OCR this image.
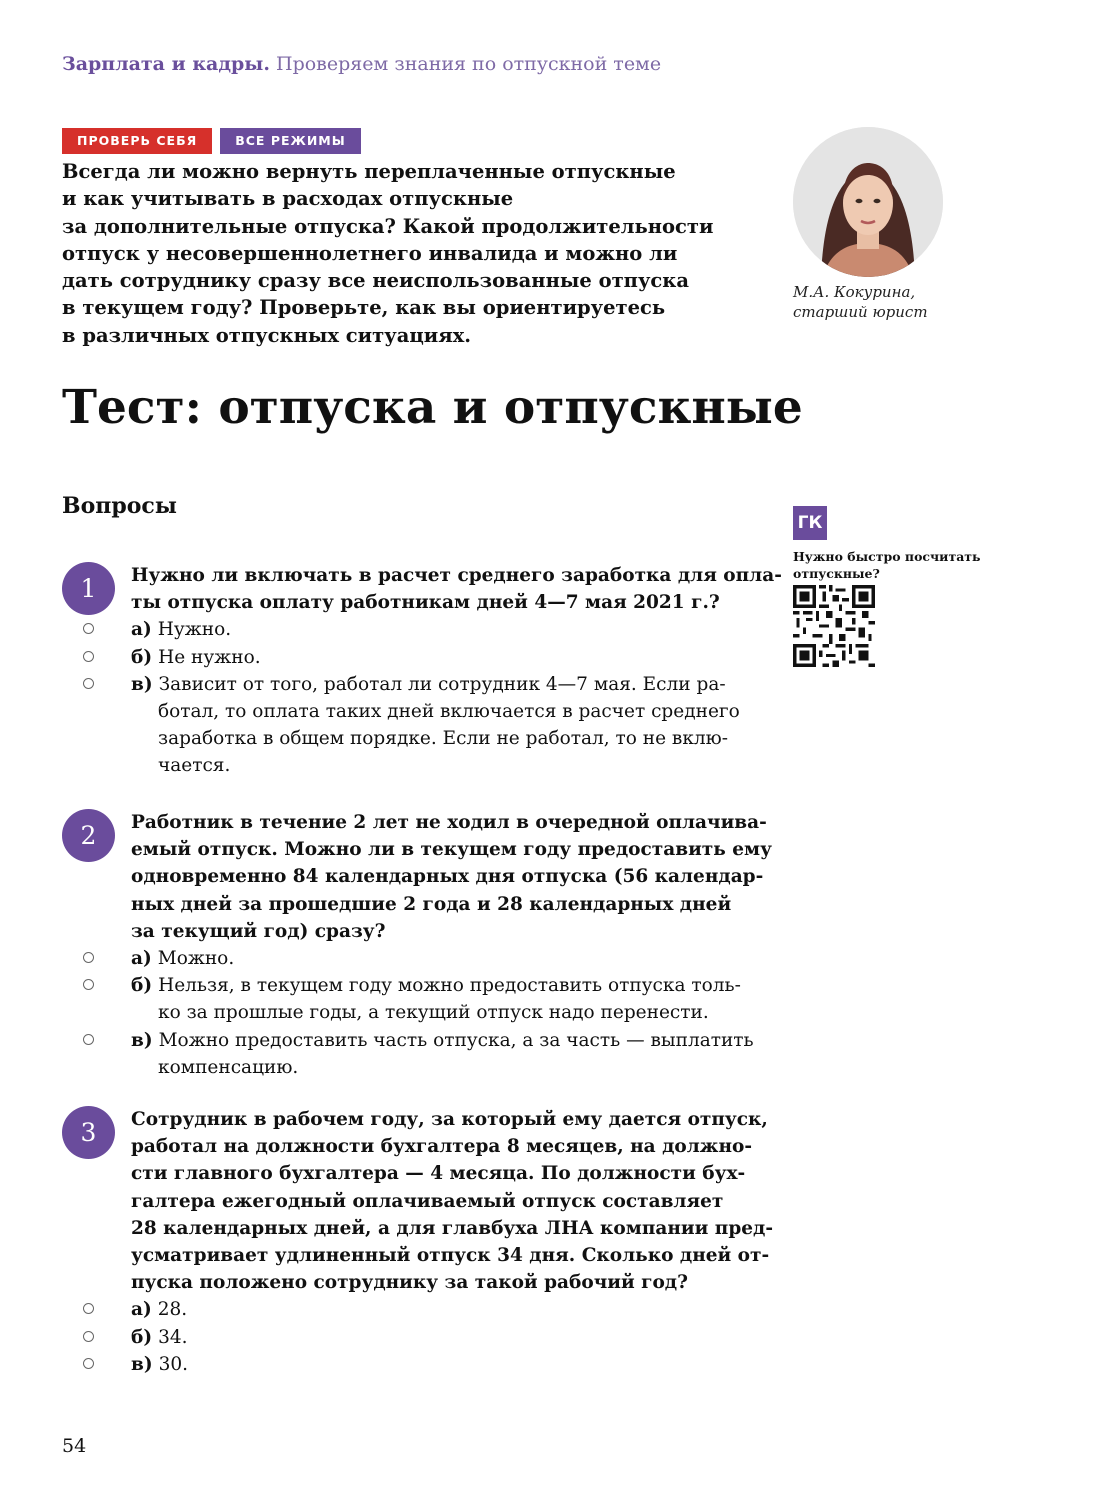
Зарплата и кадры. Проверяем знания по отпускной теме
ПРОВЕРЬ СЕБЯ	ВСЕ РЕЖИМЫ
Всегда ли можно вернуть переплаченные отпускные
и как учитывать в расходах отпускные
за дополнительные отпуска? Какой продолжительности
отпуск у несовершеннолетнего инвалида и можно ли
дать сотруднику сразу все неиспользованные отпуска
в текущем году? Проверьте, как вы ориентируетесь
в различных отпускных ситуациях.
М.А. Кокурина,
старший юрист
Тест: отпуска и отпускные
Вопросы
ГК
Нужно быстро посчитать
отпускные?
1	Нужно ли включать в расчет среднего заработка для опла-
ты отпуска оплату работникам дней 4—7 мая 2021 г.?
а) Нужно.
б) Не нужно.
в) Зависит от того, работал ли сотрудник 4—7 мая. Если ра-
ботал, то оплата таких дней включается в расчет среднего
заработка в общем порядке. Если не работал, то не вклю-
чается.
2	Работник в течение 2 лет не ходил в очередной оплачива-
емый отпуск. Можно ли в текущем году предоставить ему
одновременно 84 календарных дня отпуска (56 календар-
ных дней за прошедшие 2 года и 28 календарных дней
за текущий год) сразу?
а) Можно.
б) Нельзя, в текущем году можно предоставить отпуска толь-
ко за прошлые годы, а текущий отпуск надо перенести.
в) Можно предоставить часть отпуска, а за часть — выплатить
компенсацию.
3	Сотрудник в рабочем году, за который ему дается отпуск,
работал на должности бухгалтера 8 месяцев, на должно-
сти главного бухгалтера — 4 месяца. По должности бух-
галтера ежегодный оплачиваемый отпуск составляет
28 календарных дней, а для главбуха ЛНА компании пред-
усматривает удлиненный отпуск 34 дня. Сколько дней от-
пуска положено сотруднику за такой рабочий год?
а) 28.
б) 34.
в) 30.
54
